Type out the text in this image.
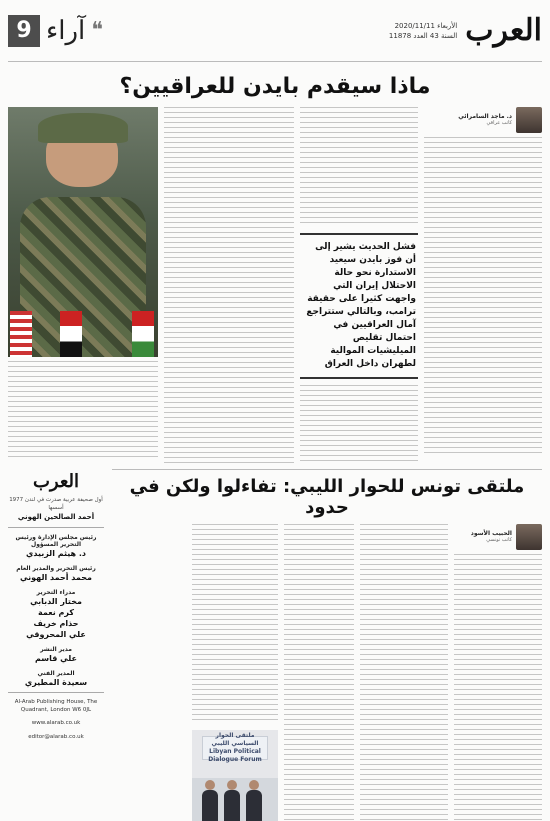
العرب
الأربعاء 2020/11/11
السنة 43 العدد 11878
9 آراء ❝
ماذا سيقدم بايدن للعراقيين؟
د. ماجد السامرائي
كاتب عراقي
فشل الحديث يشير إلى أن فوز بايدن سيعيد الاستدارة نحو حالة الاحتلال إيران التي واجهت كثيرا على حقيقة ترامب، وبالتالي ستتراجع آمال العراقيين في احتمال تقليص الميليشيات الموالية لطهران داخل العراق
ملتقى تونس للحوار الليبي: تفاءلوا ولكن في حدود
الحبيب الأسود
كاتب تونسي
ملتقى الحوار السياسي الليبي Libyan Political Dialogue Forum
العرب
أول صحيفة عربية صدرت في لندن 1977
أسسها
أحمد الصالحين الهوني
رئيس مجلس الإدارة ورئيس التحرير المسؤول
د. هيثم الزبيدي
رئيس التحرير والمدير العام
محمد أحمد الهوني
مدراء التحرير
مختار الدبابي
كرم نعمة
حذام خريف
علي المحروقي
مدير النشر
علي قاسم
المدير الفني
سعيدة المطيري
Al-Arab Publishing House, The Quadrant, London W6 0JL
www.alarab.co.uk
editor@alarab.co.uk
